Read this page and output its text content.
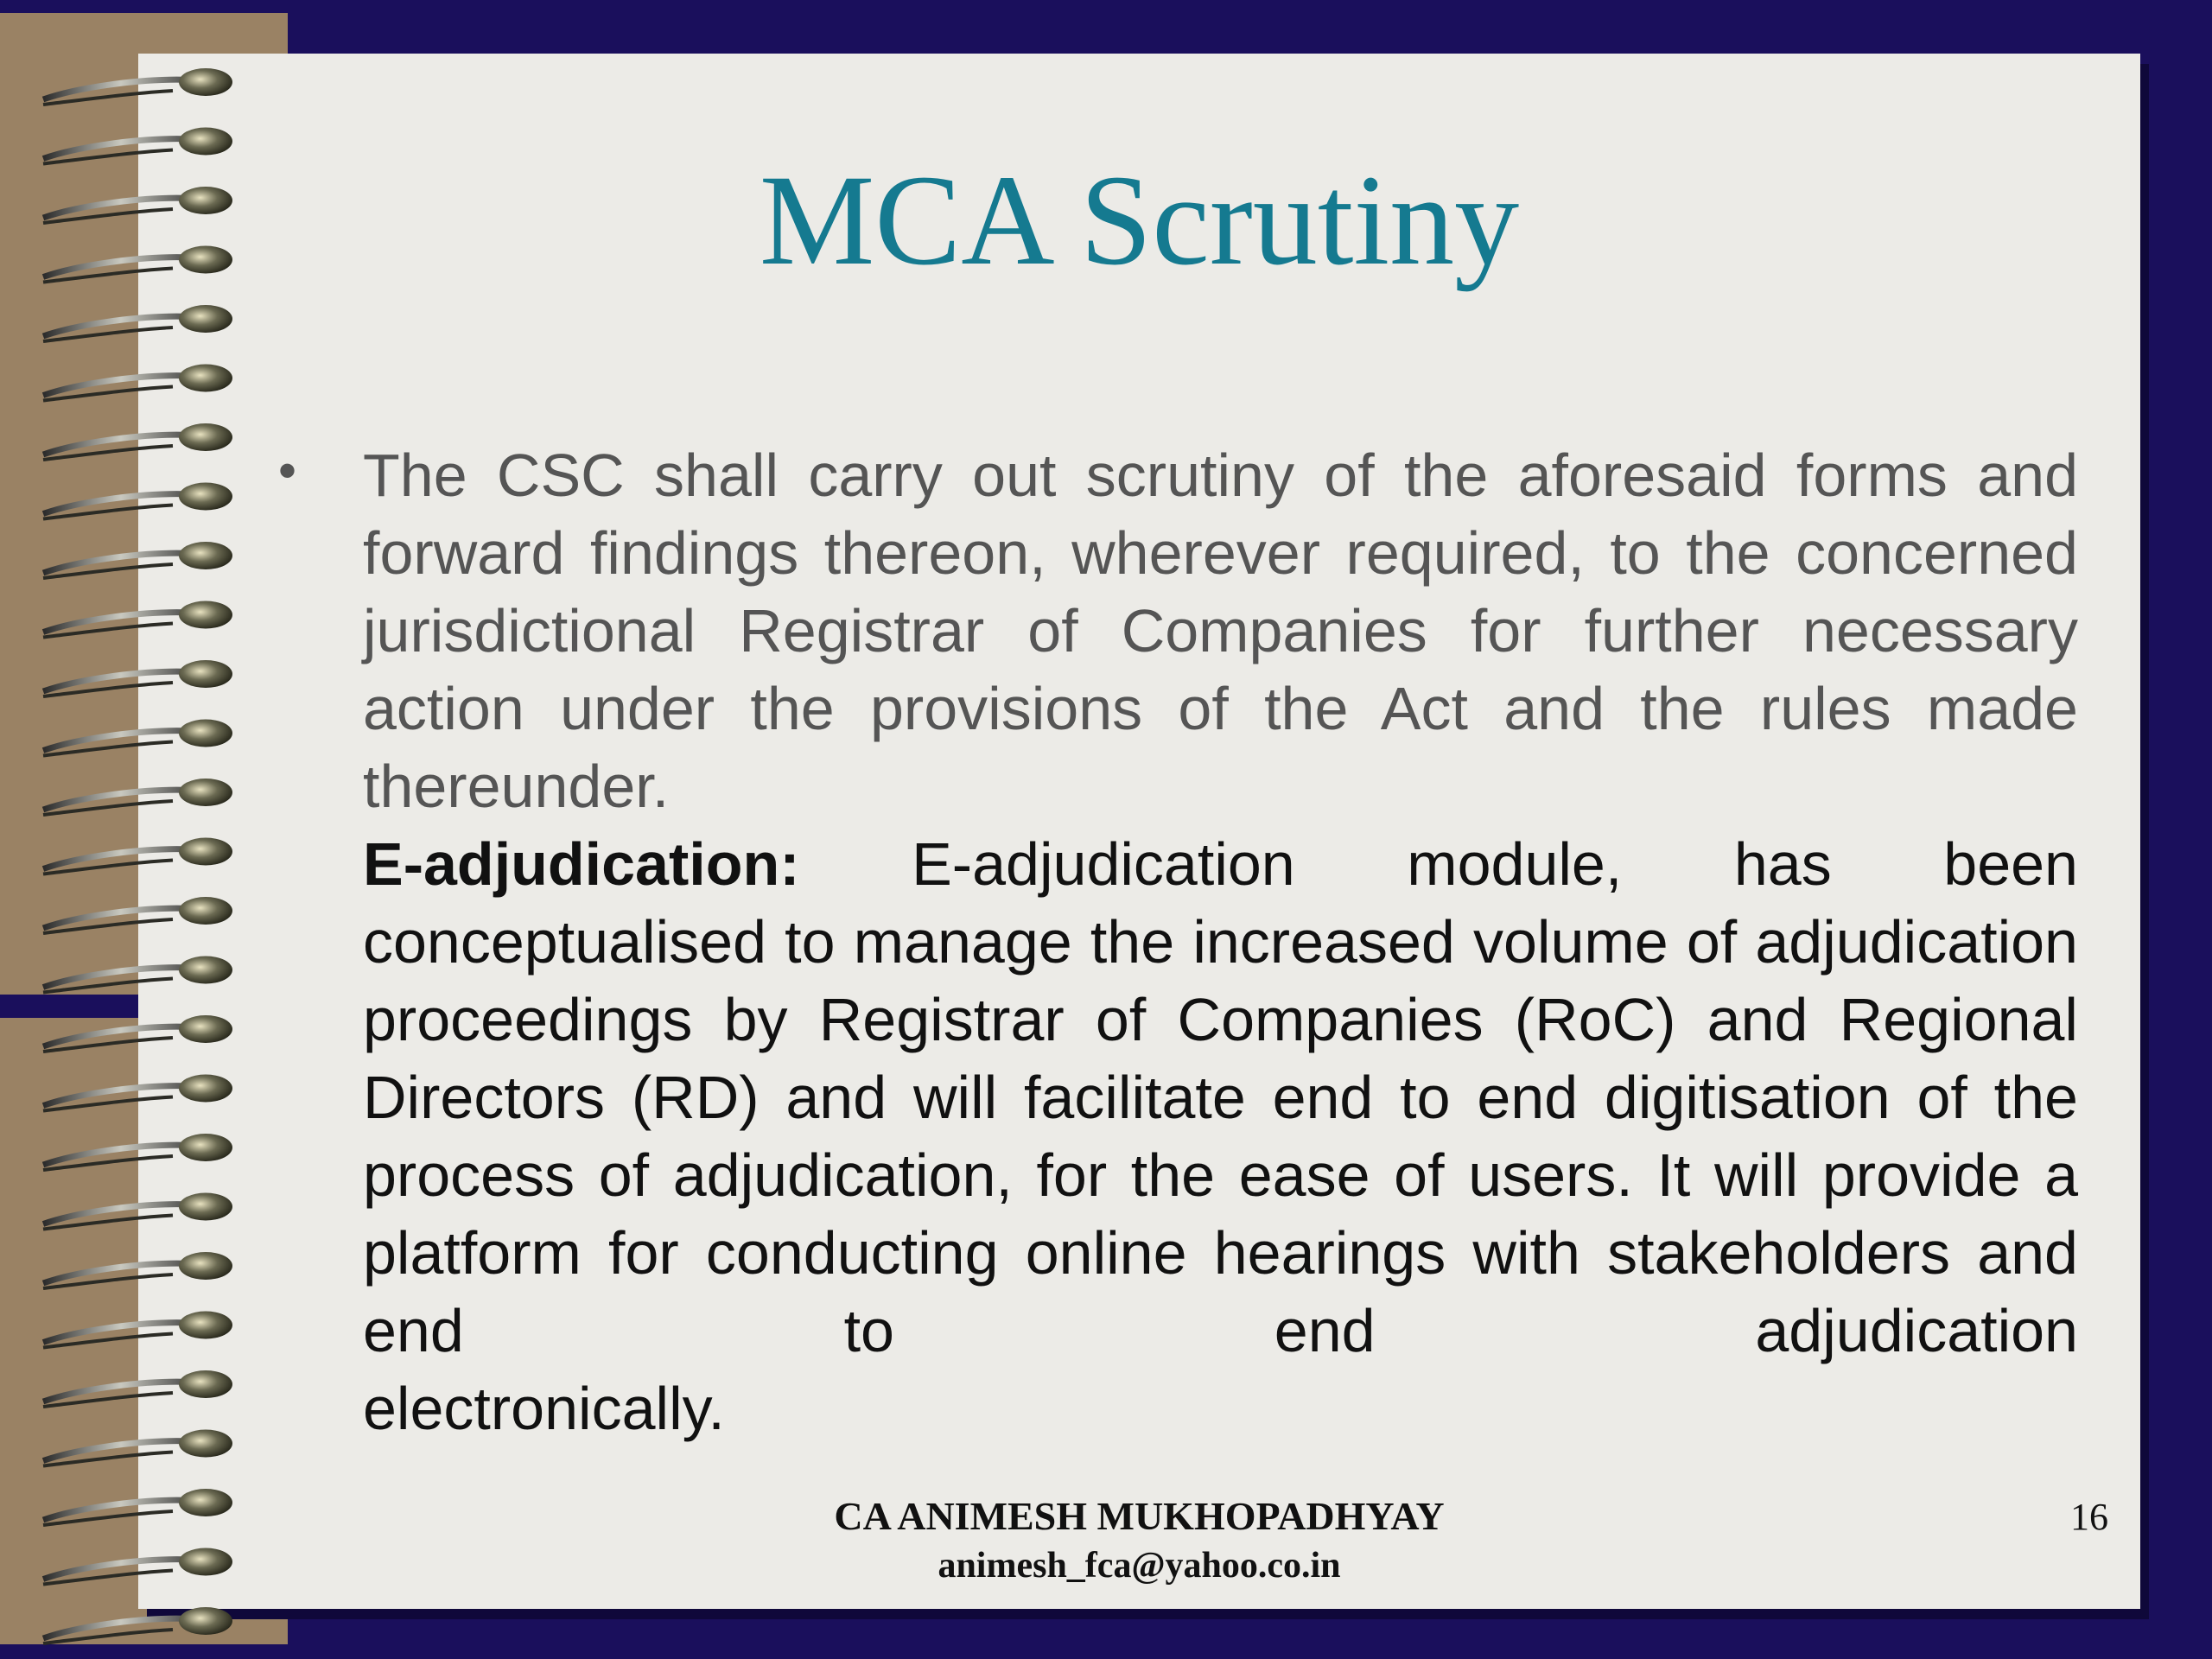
MCA Scrutiny
• The CSC shall carry out scrutiny of the aforesaid forms and forward findings thereon, wherever required, to the concerned jurisdictional Registrar of Companies for further necessary action under the provisions of the Act and the rules made thereunder.

E-adjudication: E-adjudication module, has been conceptualised to manage the increased volume of adjudication proceedings by Registrar of Companies (RoC) and Regional Directors (RD) and will facilitate end to end digitisation of the process of adjudication, for the ease of users. It will provide a platform for conducting online hearings with stakeholders and end to end adjudication
electronically.

CA ANIMESH MUKHOPADHYAY
animesh_fca@yahoo.co.in
16
